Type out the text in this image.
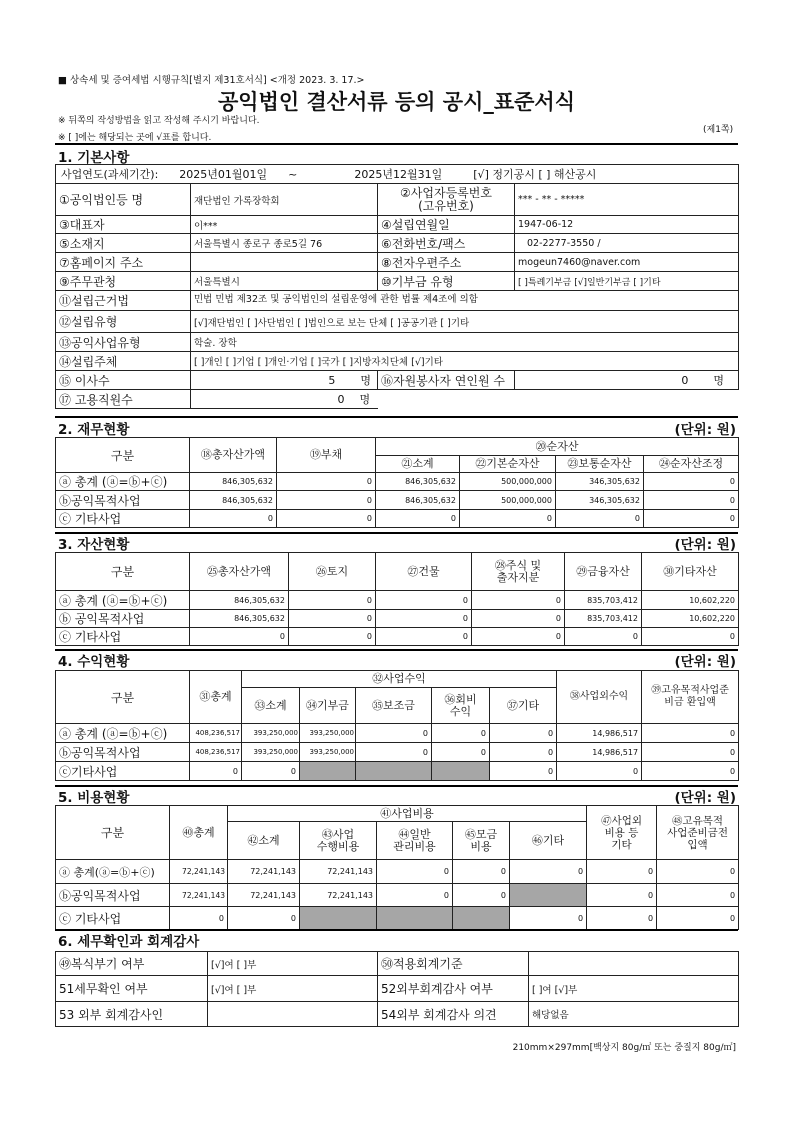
■ 상속세 및 증여세법 시행규칙[별지 제31호서식] <개정 2023. 3. 17.>
공익법인 결산서류 등의 공시_표준서식
※ 뒤쪽의 작성방법을 읽고 작성해 주시기 바랍니다.
※ [ ]에는 해당되는 곳에 √표를 합니다.
(제1쪽)
1. 기본사항
사업연도(과세기간): 2025년01월01일 ~ 2025년12월31일 [√] 정기공시 [ ] 해산공시			
①공익법인등 명	재단법인 가록장학회	②사업자등록번호
(고유번호)	*** - ** - *****
③대표자	이***	④설립연월일	1947-06-12
⑤소재지	서울특별시 종로구 종로5길 76	⑥전화번호/팩스	02-2277-3550 /
⑦홈페이지 주소		⑧전자우편주소	mogeun7460@naver.com
⑨주무관청	서울특별시	⑩기부금 유형	[ ]특례기부금 [√]일반기부금 [ ]기타
⑪설립근거법	민법 민법 제32조 및 공익법인의 설립운영에 관한 법률 제4조에 의함		
⑫설립유형	[√]재단법인 [ ]사단법인 [ ]법인으로 보는 단체 [ ]공공기관 [ ]기타		
⑬공익사업유형	학술. 장학		
⑭설립주체	[ ]개인 [ ]기업 [ ]개인·기업 [ ]국가 [ ]지방자치단체 [√]기타		
⑮ 이사수	5 명	⑯자원봉사자 연인원 수	0 명
⑰ 고용직원수	0 명		
2. 재무현황	(단위: 원)
구분	⑱총자산가액	⑲부채	⑳순자산			
			㉑소계	㉒기본순자산	㉓보통순자산	㉔순자산조정
ⓐ 총계 (ⓐ=ⓑ+ⓒ)	846,305,632	0	846,305,632	500,000,000	346,305,632	0
ⓑ공익목적사업	846,305,632	0	846,305,632	500,000,000	346,305,632	0
ⓒ 기타사업	0	0	0	0	0	0
3. 자산현황	(단위: 원)
구분	㉕총자산가액	㉖토지	㉗건물	㉘주식 및
출자지분	㉙금융자산	㉚기타자산
ⓐ 총계 (ⓐ=ⓑ+ⓒ)	846,305,632	0	0	0	835,703,412	10,602,220
ⓑ 공익목적사업	846,305,632	0	0	0	835,703,412	10,602,220
ⓒ 기타사업	0	0	0	0	0	0
4. 수익현황	(단위: 원)
구분	㉛총계	㉜사업수익					㊳사업외수익	㊴고유목적사업준
비금 환입액
		㉝소계	㉞기부금	㉟보조금	㊱회비
수익	㊲기타		
ⓐ 총계 (ⓐ=ⓑ+ⓒ)	408,236,517	393,250,000	393,250,000	0	0	0	14,986,517	0
ⓑ공익목적사업	408,236,517	393,250,000	393,250,000	0	0	0	14,986,517	0
ⓒ기타사업	0	0				0	0	0
5. 비용현황	(단위: 원)
구분	㊵총계	㊶사업비용					㊼사업외
비용 등
기타	㊽고유목적
사업준비금전
입액
		㊷소계	㊸사업
수행비용	㊹일반
관리비용	㊺모금
비용	㊻기타		
ⓐ 총계(ⓐ=ⓑ+ⓒ)	72,241,143	72,241,143	72,241,143	0	0	0	0	0
ⓑ공익목적사업	72,241,143	72,241,143	72,241,143	0	0		0	0
ⓒ 기타사업	0	0				0	0	0
6. 세무확인과 회계감사
㊾복식부기 여부	[√]여 [ ]부	㊿적용회계기준	
51세무확인 여부	[√]여 [ ]부	52외부회계감사 여부	[ ]여 [√]부
53 외부 회계감사인		54외부 회계감사 의견	해당없음
210mm×297mm[백상지 80g/㎡ 또는 중질지 80g/㎡]
